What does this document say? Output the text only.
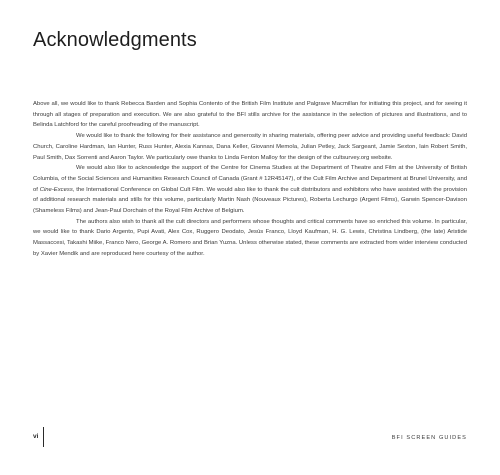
Acknowledgments

Above all, we would like to thank Rebecca Barden and Sophia Contento of the British Film Institute and Palgrave Macmillan for initiating this project, and for seeing it through all stages of preparation and execution. We are also grateful to the BFI stills archive for the assistance in the selection of pictures and illustrations, and to Belinda Latchford for the careful proofreading of the manuscript.

We would like to thank the following for their assistance and generosity in sharing materials, offering peer advice and providing useful feedback: David Church, Caroline Hardman, Ian Hunter, Russ Hunter, Alexia Kannas, Dana Keller, Giovanni Memola, Julian Petley, Jack Sargeant, Jamie Sexton, Iain Robert Smith, Paul Smith, Dax Sorrenti and Aaron Taylor. We particularly owe thanks to Linda Fenton Malloy for the design of the cultsurvey.org website.

We would also like to acknowledge the support of the Centre for Cinema Studies at the Department of Theatre and Film at the University of British Columbia, of the Social Sciences and Humanities Research Council of Canada (Grant # 12R45147), of the Cult Film Archive and Department at Brunel University, and of Cine-Excess, the International Conference on Global Cult Film. We would also like to thank the cult distributors and exhibitors who have assisted with the provision of additional research materials and stills for this volume, particularly Martin Nash (Nouveaux Pictures), Roberta Lechurgo (Argent Films), Garwin Spencer-Davison (Shameless Films) and Jean-Paul Dorchain of the Royal Film Archive of Belgium.

The authors also wish to thank all the cult directors and performers whose thoughts and critical comments have so enriched this volume. In particular, we would like to thank Dario Argento, Pupi Avati, Alex Cox, Ruggero Deodato, Jesús Franco, Lloyd Kaufman, H. G. Lewis, Christina Lindberg, (the late) Aristide Massaccesi, Takashi Miike, Franco Nero, George A. Romero and Brian Yuzna. Unless otherwise stated, these comments are extracted from wider interview conducted by Xavier Mendik and are reproduced here courtesy of the author.

vi	BFI SCREEN GUIDES
